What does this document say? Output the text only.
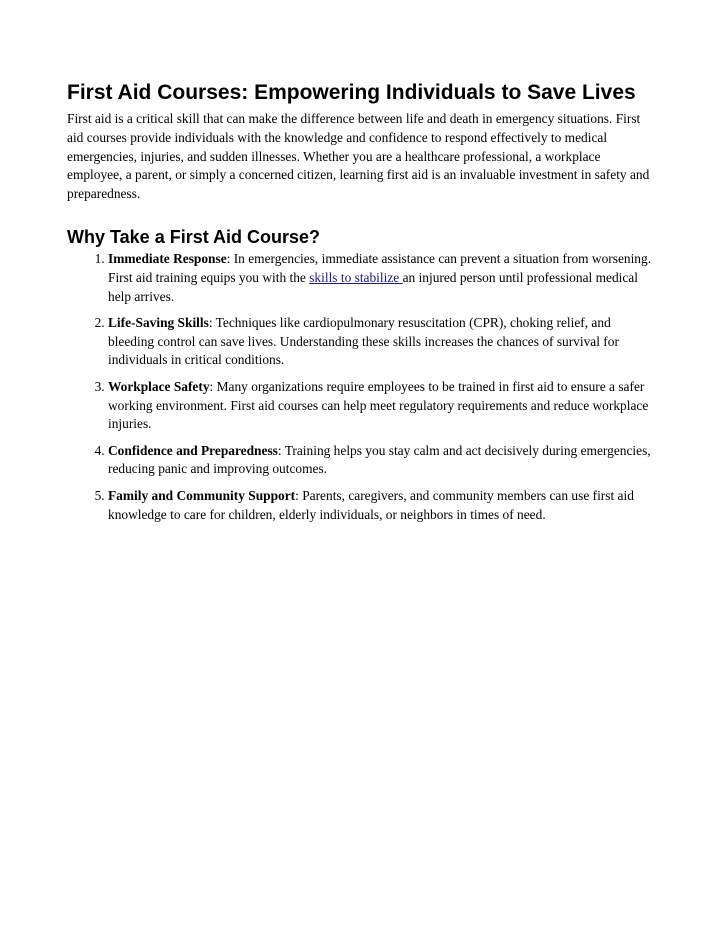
First Aid Courses: Empowering Individuals to Save Lives

First aid is a critical skill that can make the difference between life and death in emergency situations. First aid courses provide individuals with the knowledge and confidence to respond effectively to medical emergencies, injuries, and sudden illnesses. Whether you are a healthcare professional, a workplace employee, a parent, or simply a concerned citizen, learning first aid is an invaluable investment in safety and preparedness.

Why Take a First Aid Course?
1. Immediate Response: In emergencies, immediate assistance can prevent a situation from worsening. First aid training equips you with the skills to stabilize an injured person until professional medical help arrives.
2. Life-Saving Skills: Techniques like cardiopulmonary resuscitation (CPR), choking relief, and bleeding control can save lives. Understanding these skills increases the chances of survival for individuals in critical conditions.
3. Workplace Safety: Many organizations require employees to be trained in first aid to ensure a safer working environment. First aid courses can help meet regulatory requirements and reduce workplace injuries.
4. Confidence and Preparedness: Training helps you stay calm and act decisively during emergencies, reducing panic and improving outcomes.
5. Family and Community Support: Parents, caregivers, and community members can use first aid knowledge to care for children, elderly individuals, or neighbors in times of need.
